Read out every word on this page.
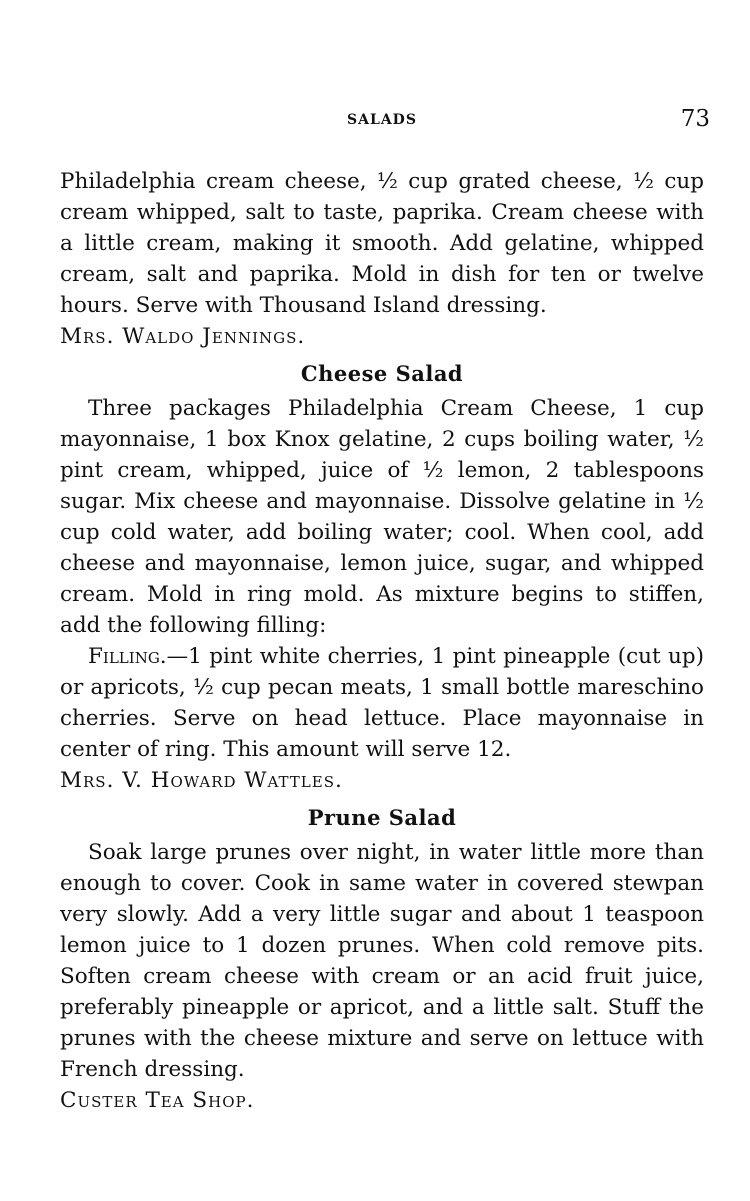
SALADS	73

Philadelphia cream cheese, ½ cup grated cheese, ½ cup cream whipped, salt to taste, paprika. Cream cheese with a little cream, making it smooth. Add gelatine, whipped cream, salt and paprika. Mold in dish for ten or twelve hours. Serve with Thousand Island dressing.

Mrs. Waldo Jennings.

Cheese Salad

Three packages Philadelphia Cream Cheese, 1 cup mayonnaise, 1 box Knox gelatine, 2 cups boiling water, ½ pint cream, whipped, juice of ½ lemon, 2 tablespoons sugar. Mix cheese and mayonnaise. Dissolve gelatine in ½ cup cold water, add boiling water; cool. When cool, add cheese and mayonnaise, lemon juice, sugar, and whipped cream. Mold in ring mold. As mixture begins to stiffen, add the following filling:

Filling.—1 pint white cherries, 1 pint pineapple (cut up) or apricots, ½ cup pecan meats, 1 small bottle mareschino cherries. Serve on head lettuce. Place mayonnaise in center of ring. This amount will serve 12.

Mrs. V. Howard Wattles.

Prune Salad

Soak large prunes over night, in water little more than enough to cover. Cook in same water in covered stewpan very slowly. Add a very little sugar and about 1 teaspoon lemon juice to 1 dozen prunes. When cold remove pits. Soften cream cheese with cream or an acid fruit juice, preferably pineapple or apricot, and a little salt. Stuff the prunes with the cheese mixture and serve on lettuce with French dressing.

Custer Tea Shop.
